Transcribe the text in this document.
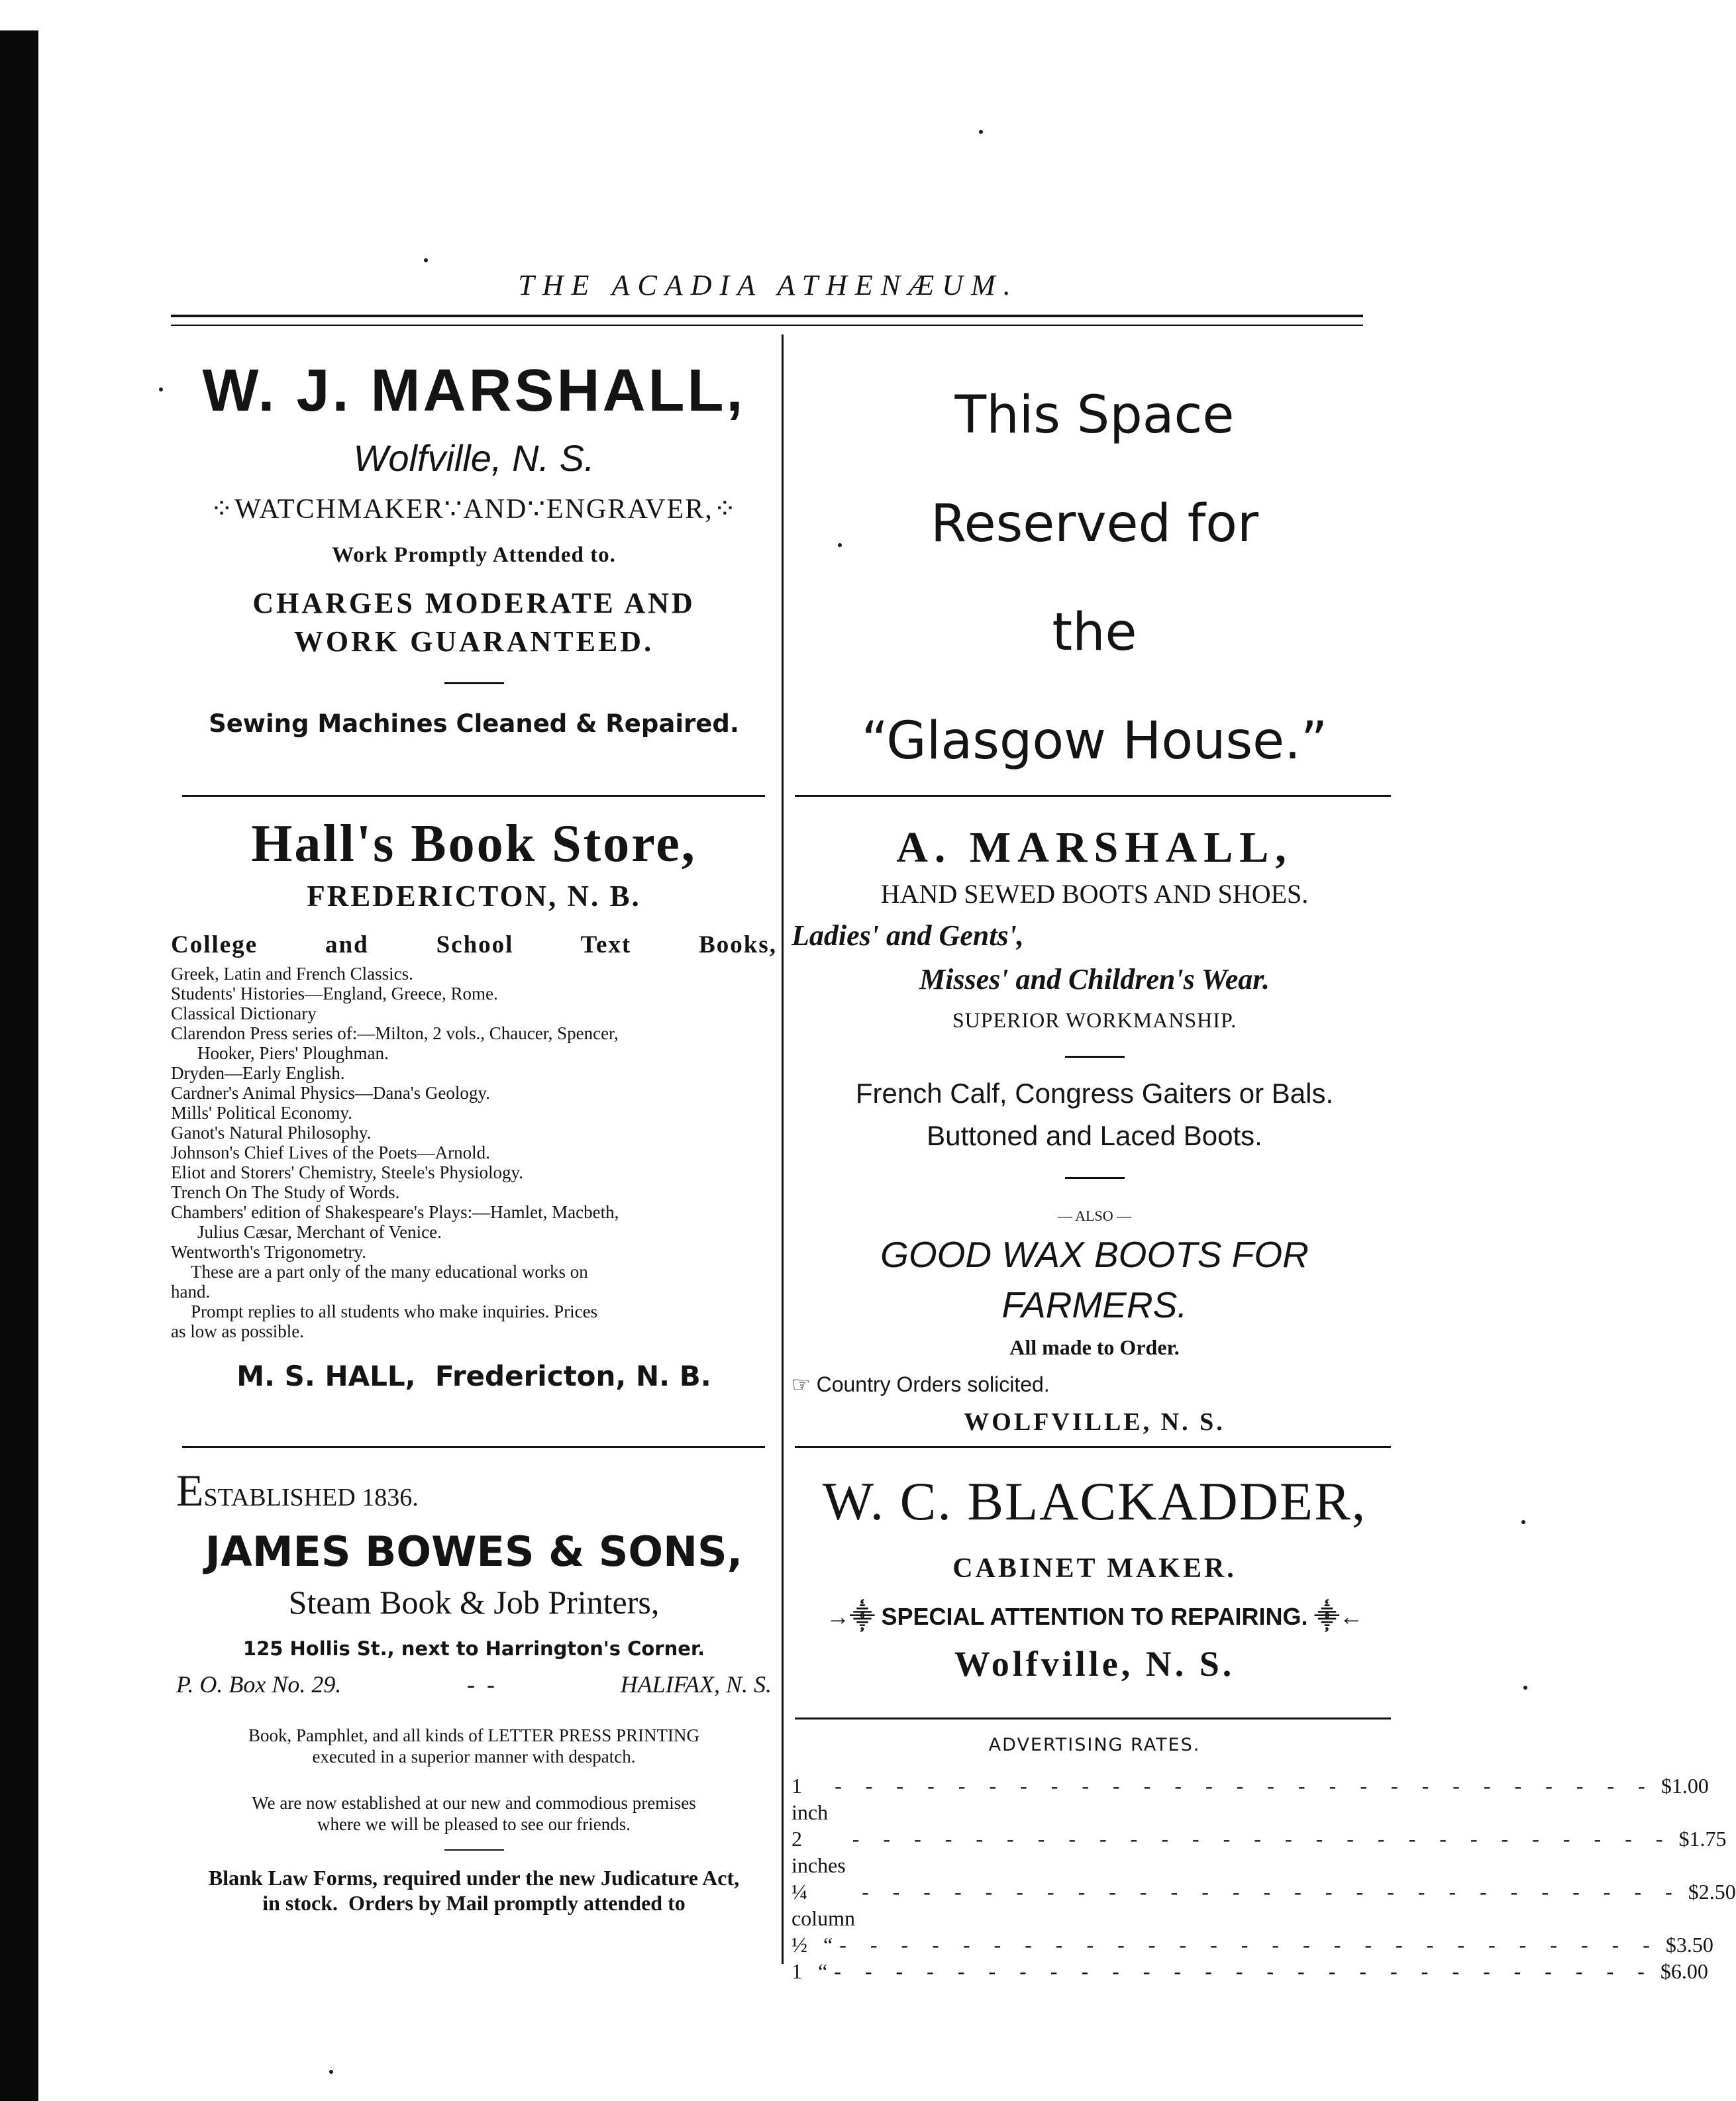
THE ACADIA ATHENÆUM.
W. J. MARSHALL,
Wolfville, N. S.
⁘WATCHMAKER∵AND∵ENGRAVER,⁘
Work Promptly Attended to.
CHARGES MODERATE AND
WORK GUARANTEED.
Sewing Machines Cleaned & Repaired.
This Space
Reserved for
the
“Glasgow House.”
Hall's Book Store,
FREDERICTON, N. B.
College and School Text Books,
Greek, Latin and French Classics.
Students' Histories—England, Greece, Rome.
Classical Dictionary
Clarendon Press series of:—Milton, 2 vols., Chaucer, Spencer,
Hooker, Piers' Ploughman.
Dryden—Early English.
Cardner's Animal Physics—Dana's Geology.
Mills' Political Economy.
Ganot's Natural Philosophy.
Johnson's Chief Lives of the Poets—Arnold.
Eliot and Storers' Chemistry, Steele's Physiology.
Trench On The Study of Words.
Chambers' edition of Shakespeare's Plays:—Hamlet, Macbeth,
Julius Cæsar, Merchant of Venice.
Wentworth's Trigonometry.
These are a part only of the many educational works on
hand.
Prompt replies to all students who make inquiries. Prices
as low as possible.
M. S. HALL,  Fredericton, N. B.
A. MARSHALL,
HAND SEWED BOOTS AND SHOES.
Ladies' and Gents',
Misses' and Children's Wear.
SUPERIOR WORKMANSHIP.
French Calf, Congress Gaiters or Bals.
Buttoned and Laced Boots.
— ALSO —
GOOD WAX BOOTS FOR FARMERS.
All made to Order.
☞ Country Orders solicited.
WOLFVILLE, N. S.
ESTABLISHED 1836.
JAMES BOWES & SONS,
Steam Book & Job Printers,
125 Hollis St., next to Harrington's Corner.
P. O. Box No. 29.	-  -	HALIFAX, N. S.
Book, Pamphlet, and all kinds of LETTER PRESS PRINTING
executed in a superior manner with despatch.
We are now established at our new and commodious premises
where we will be pleased to see our friends.
Blank Law Forms, required under the new Judicature Act,
in stock.  Orders by Mail promptly attended to
W. C. BLACKADDER,
CABINET MAKER.
→⸎ SPECIAL ATTENTION TO REPAIRING. ⸎←
Wolfville, N. S.
ADVERTISING RATES.
1 inch
- - - - - - - - - - - - - - - - - - - - - - - - - - - $1.00
2 inches
- - - - - - - - - - - - - - - - - - - - - - - - - - - $1.75
¼ column
- - - - - - - - - - - - - - - - - - - - - - - - - - - $2.50
½   “ - - - - - - - - - - - - - - - - - - - - - - - - - - - $3.50
1   “ - - - - - - - - - - - - - - - - - - - - - - - - - - - $6.00
